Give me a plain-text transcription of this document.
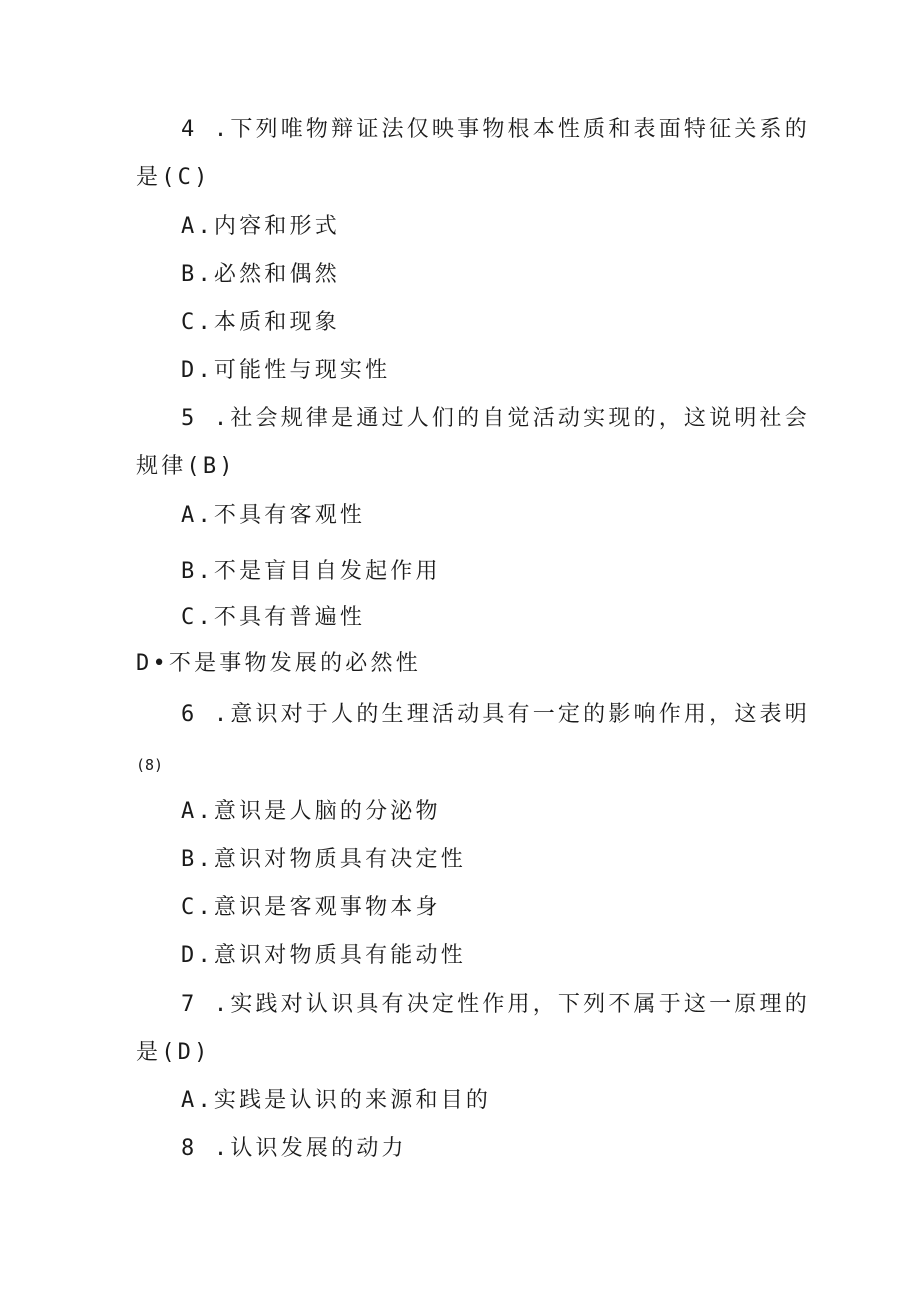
4 .下列唯物辩证法仅映事物根本性质和表面特征关系的
是(C)
A.内容和形式
B.必然和偶然
C.本质和现象
D.可能性与现实性
5 .社会规律是通过人们的自觉活动实现的，这说明社会
规律(B)
A.不具有客观性
B.不是盲目自发起作用
C.不具有普遍性
D•不是事物发展的必然性
6 .意识对于人的生理活动具有一定的影响作用，这表明
(8)
A.意识是人脑的分泌物
B.意识对物质具有决定性
C.意识是客观事物本身
D.意识对物质具有能动性
7 .实践对认识具有决定性作用，下列不属于这一原理的
是(D)
A.实践是认识的来源和目的
8 .认识发展的动力
